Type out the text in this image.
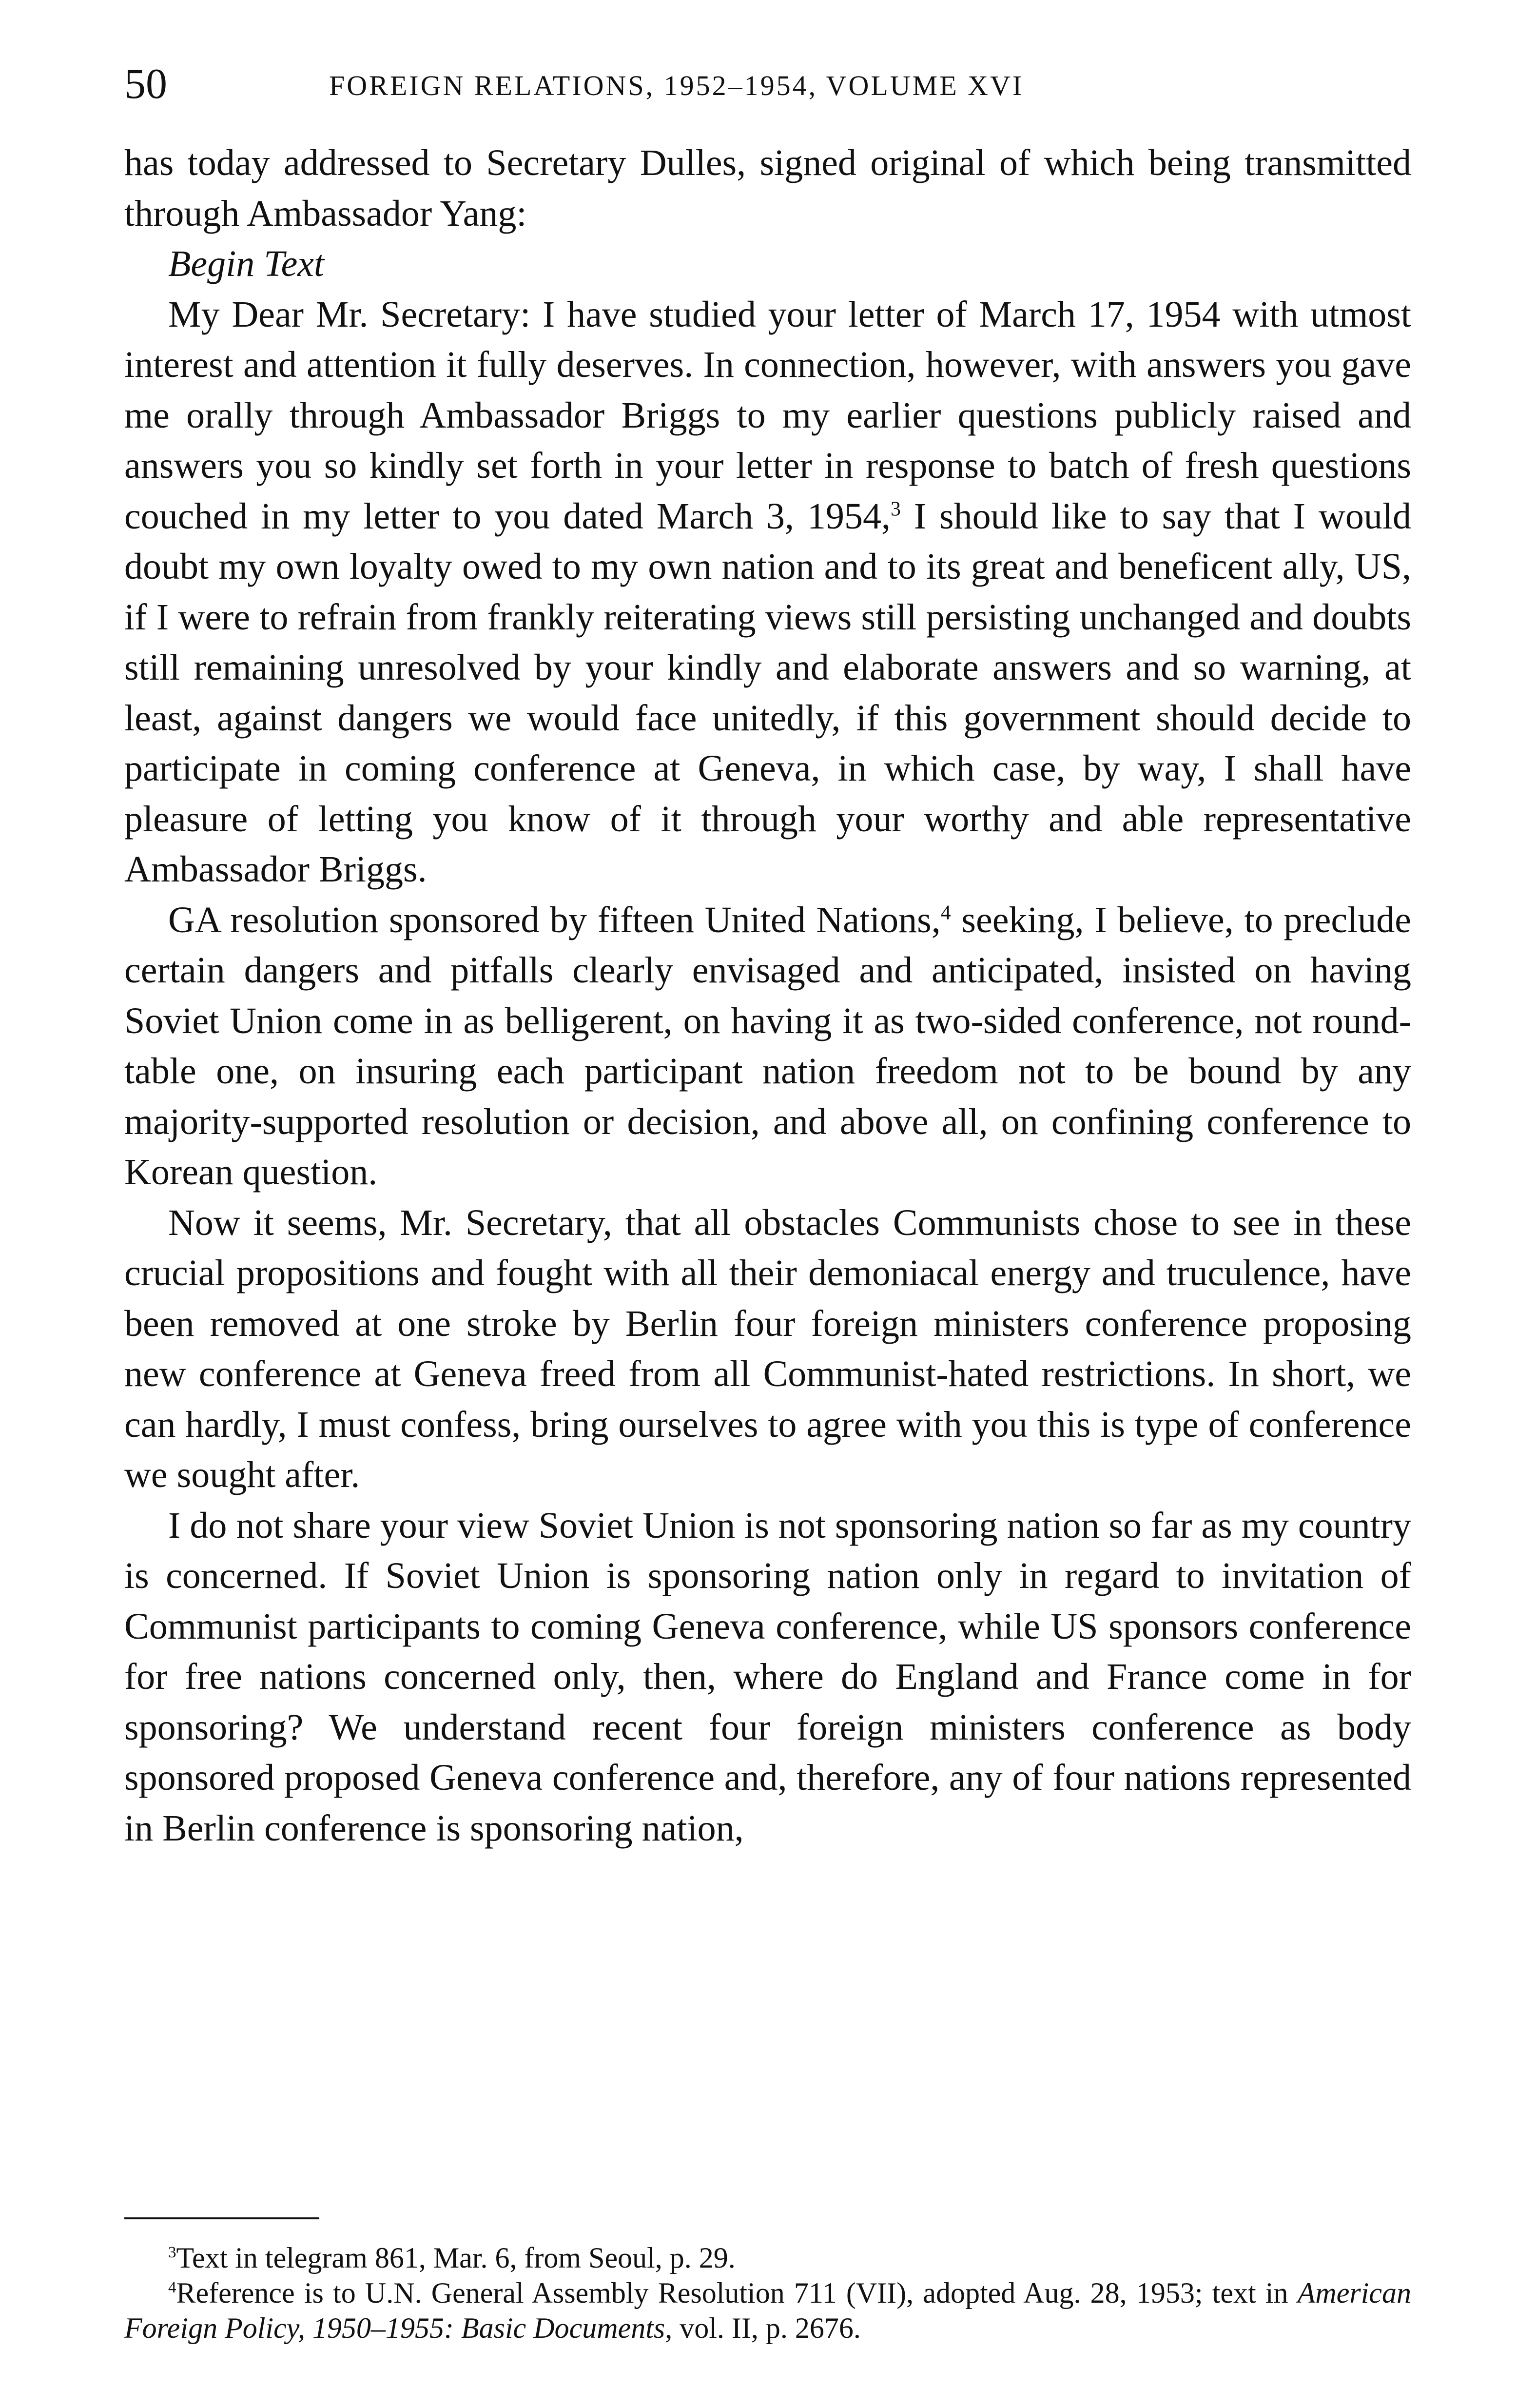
50	FOREIGN RELATIONS, 1952–1954, VOLUME XVI

has today addressed to Secretary Dulles, signed original of which being transmitted through Ambassador Yang:

Begin Text

My Dear Mr. Secretary: I have studied your letter of March 17, 1954 with utmost interest and attention it fully deserves. In connection, however, with answers you gave me orally through Ambassador Briggs to my earlier questions publicly raised and answers you so kindly set forth in your letter in response to batch of fresh questions couched in my letter to you dated March 3, 1954,$^3$ I should like to say that I would doubt my own loyalty owed to my own nation and to its great and beneficent ally, US, if I were to refrain from frankly reiterating views still persisting unchanged and doubts still remaining unresolved by your kindly and elaborate answers and so warning, at least, against dangers we would face unitedly, if this government should decide to participate in coming conference at Geneva, in which case, by way, I shall have pleasure of letting you know of it through your worthy and able representative Ambassador Briggs.

GA resolution sponsored by fifteen United Nations,$^4$ seeking, I believe, to preclude certain dangers and pitfalls clearly envisaged and anticipated, insisted on having Soviet Union come in as belligerent, on having it as two-sided conference, not round-table one, on insuring each participant nation freedom not to be bound by any majority-supported resolution or decision, and above all, on confining conference to Korean question.

Now it seems, Mr. Secretary, that all obstacles Communists chose to see in these crucial propositions and fought with all their demoniacal energy and truculence, have been removed at one stroke by Berlin four foreign ministers conference proposing new conference at Geneva freed from all Communist-hated restrictions. In short, we can hardly, I must confess, bring ourselves to agree with you this is type of conference we sought after.

I do not share your view Soviet Union is not sponsoring nation so far as my country is concerned. If Soviet Union is sponsoring nation only in regard to invitation of Communist participants to coming Geneva conference, while US sponsors conference for free nations concerned only, then, where do England and France come in for sponsoring? We understand recent four foreign ministers conference as body sponsored proposed Geneva conference and, therefore, any of four nations represented in Berlin conference is sponsoring nation,

$^3$Text in telegram 861, Mar. 6, from Seoul, p. 29.

$^4$Reference is to U.N. General Assembly Resolution 711 (VII), adopted Aug. 28, 1953; text in American Foreign Policy, 1950–1955: Basic Documents, vol. II, p. 2676.
